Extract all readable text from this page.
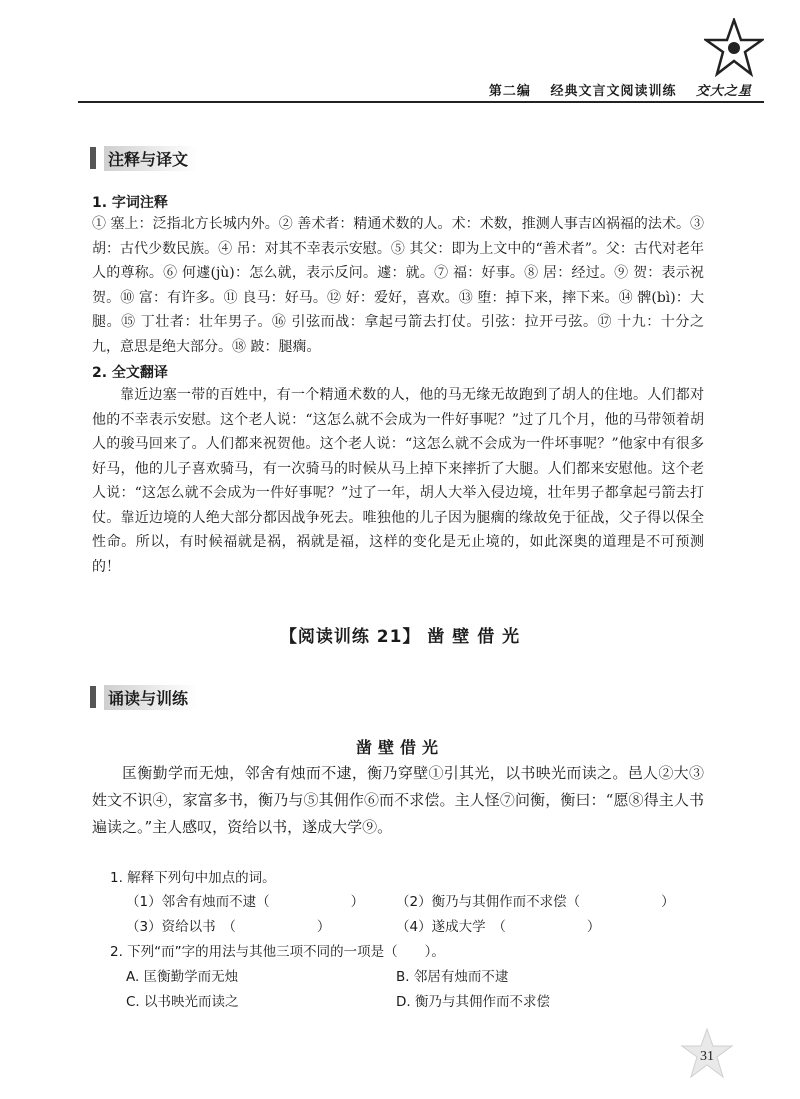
第二编 经典文言文阅读训练 交大之星
注释与译文
1. 字词注释
① 塞上：泛指北方长城内外。② 善术者：精通术数的人。术：术数，推测人事吉凶祸福的法术。③ 胡：古代少数民族。④ 吊：对其不幸表示安慰。⑤ 其父：即为上文中的“善术者”。父：古代对老年人的尊称。⑥ 何遽(jù)：怎么就，表示反问。遽：就。⑦ 福：好事。⑧ 居：经过。⑨ 贺：表示祝贺。⑩ 富：有许多。⑪ 良马：好马。⑫ 好：爱好，喜欢。⑬ 堕：掉下来，摔下来。⑭ 髀(bì)：大腿。⑮ 丁壮者：壮年男子。⑯ 引弦而战：拿起弓箭去打仗。引弦：拉开弓弦。⑰ 十九：十分之九，意思是绝大部分。⑱ 跛：腿瘸。
2. 全文翻译
靠近边塞一带的百姓中，有一个精通术数的人，他的马无缘无故跑到了胡人的住地。人们都对他的不幸表示安慰。这个老人说：“这怎么就不会成为一件好事呢？”过了几个月，他的马带领着胡人的骏马回来了。人们都来祝贺他。这个老人说：“这怎么就不会成为一件坏事呢？”他家中有很多好马，他的儿子喜欢骑马，有一次骑马的时候从马上掉下来摔折了大腿。人们都来安慰他。这个老人说：“这怎么就不会成为一件好事呢？”过了一年，胡人大举入侵边境，壮年男子都拿起弓箭去打仗。靠近边境的人绝大部分都因战争死去。唯独他的儿子因为腿瘸的缘故免于征战，父子得以保全性命。所以，有时候福就是祸，祸就是福，这样的变化是无止境的，如此深奥的道理是不可预测的！
【阅读训练 21】 凿 壁 借 光
诵读与训练
凿壁借光
匡衡勤学而无烛，邻舍有烛而不逮，衡乃穿壁①引其光，以书映光而读之。邑人②大③姓文不识④，家富多书，衡乃与⑤其佣作⑥而不求偿。主人怪⑦问衡，衡曰：“愿⑧得主人书遍读之。”主人感叹，资给以书，遂成大学⑨。
1. 解释下列句中加点的词。
（1）邻舍有烛而不逮（　　　　　　） （2）衡乃与其佣作而不求偿（　　　　　　）
（3）资给以书　（　　　　　　）	（4）遂成大学　（　　　　　　）
2. 下列“而”字的用法与其他三项不同的一项是（　　）。
A. 匡衡勤学而无烛	B. 邻居有烛而不逮
C. 以书映光而读之	D. 衡乃与其佣作而不求偿
31
